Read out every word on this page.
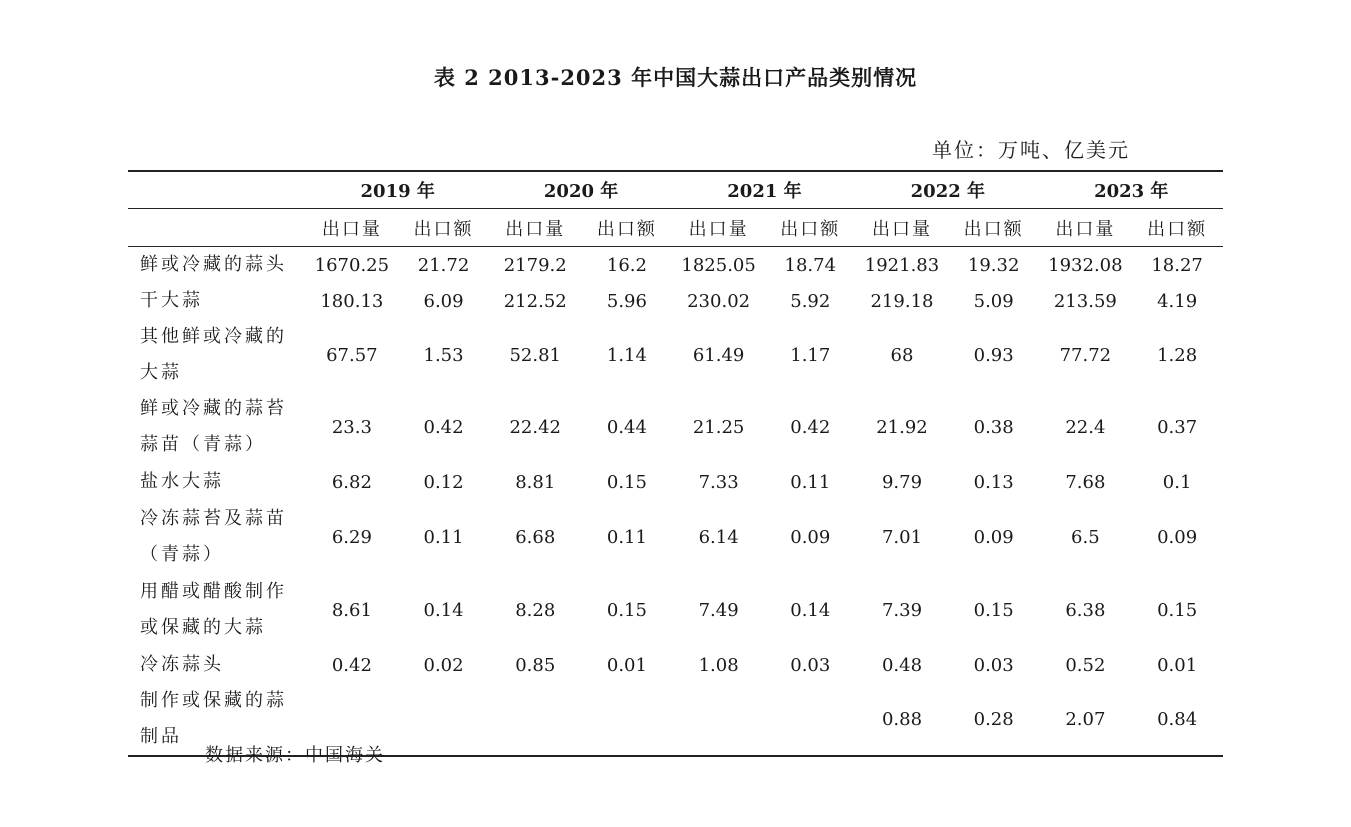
表 2 2013-2023 年中国大蒜出口产品类别情况
单位：万吨、亿美元
	2019 年		2020 年		2021 年		2022 年		2023 年	
	出口量	出口额	出口量	出口额	出口量	出口额	出口量	出口额	出口量	出口额
鲜或冷藏的蒜头	1670.25	21.72	2179.2	16.2	1825.05	18.74	1921.83	19.32	1932.08	18.27
干大蒜	180.13	6.09	212.52	5.96	230.02	5.92	219.18	5.09	213.59	4.19

其他鲜或冷藏的大蒜	67.57	1.53	52.81	1.14	61.49	1.17	68	0.93	77.72	1.28

鲜或冷藏的蒜苔蒜苗（青蒜）	23.3	0.42	22.42	0.44	21.25	0.42	21.92	0.38	22.4	0.37
盐水大蒜	6.82	0.12	8.81	0.15	7.33	0.11	9.79	0.13	7.68	0.1

冷冻蒜苔及蒜苗（青蒜）	6.29	0.11	6.68	0.11	6.14	0.09	7.01	0.09	6.5	0.09

用醋或醋酸制作或保藏的大蒜	8.61	0.14	8.28	0.15	7.49	0.14	7.39	0.15	6.38	0.15
冷冻蒜头	0.42	0.02	0.85	0.01	1.08	0.03	0.48	0.03	0.52	0.01

制作或保藏的蒜制品							0.88	0.28	2.07	0.84
数据来源：中国海关
